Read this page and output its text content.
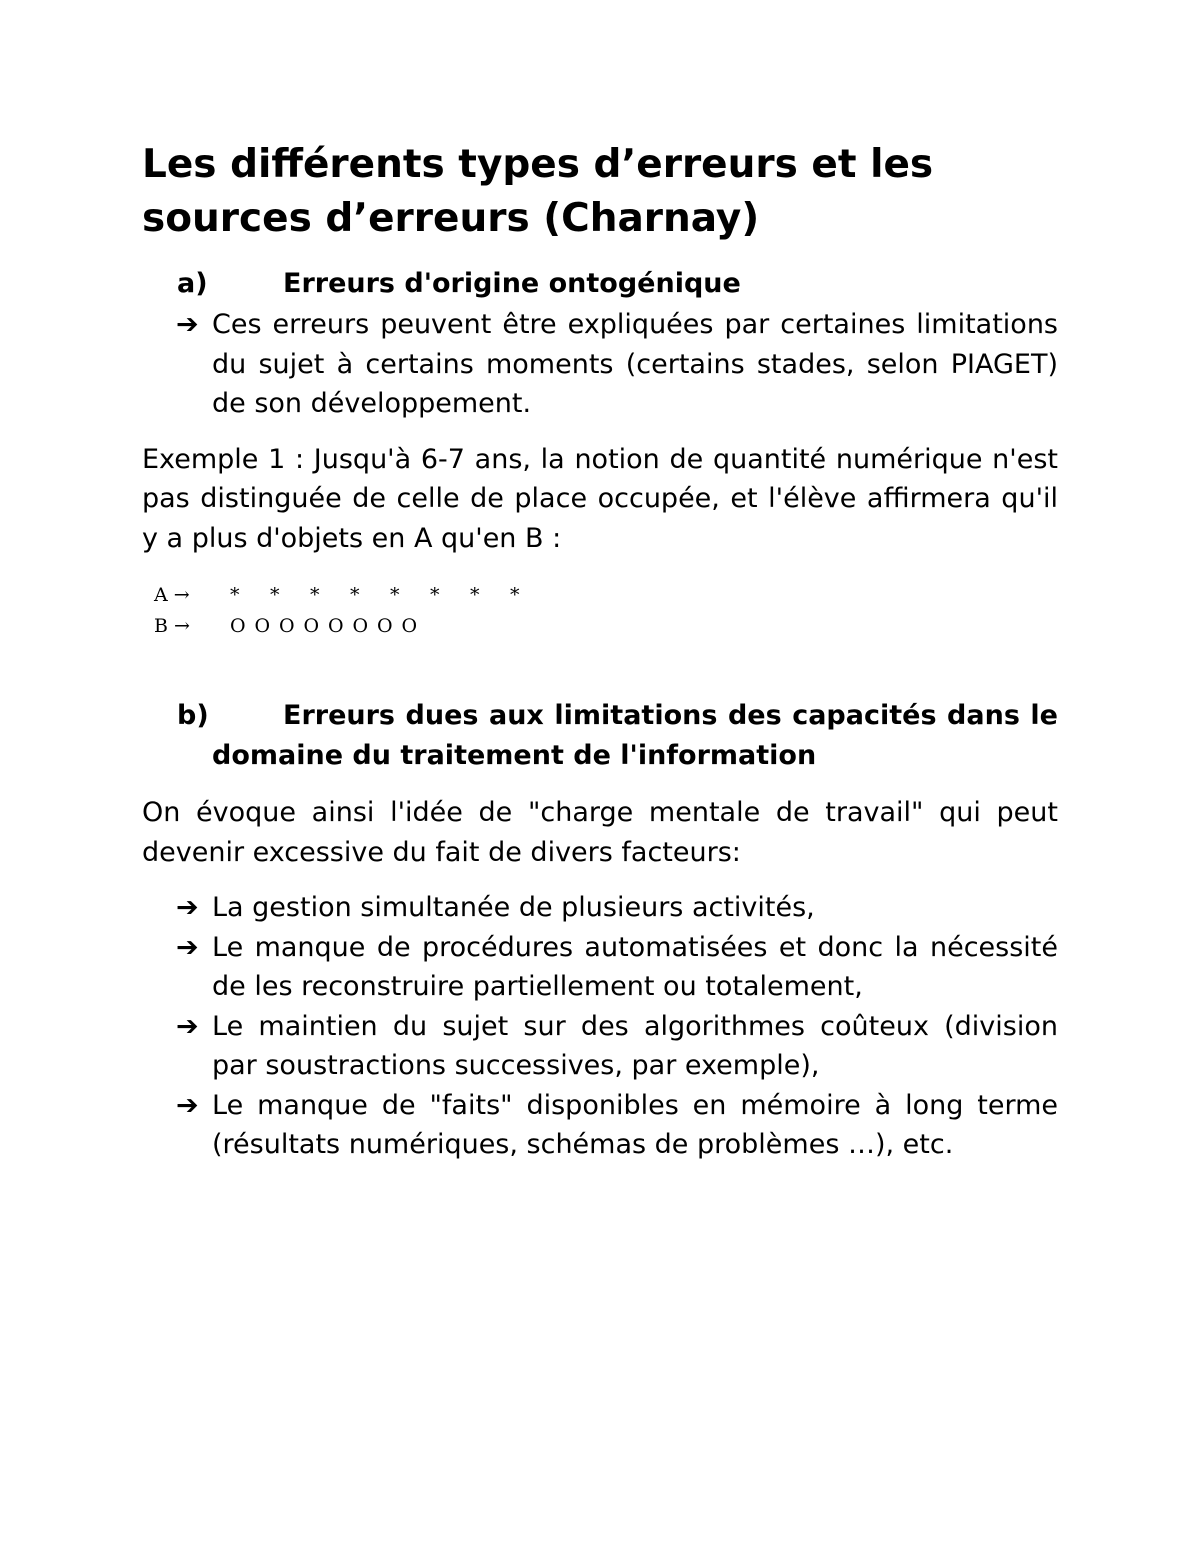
Les différents types d’erreurs et les sources d’erreurs (Charnay)
a)	Erreurs d'origine ontogénique
➔ Ces erreurs peuvent être expliquées par certaines limitations du sujet à certains moments (certains stades, selon PIAGET) de son développement.

Exemple 1 : Jusqu'à 6-7 ans, la notion de quantité numérique n'est pas distinguée de celle de place occupée, et l'élève affirmera qu'il y a plus d'objets en A qu'en B :

A →	* * * * * * * *
B →	O O O O O O O O
b)	Erreurs dues aux limitations des capacités dans le domaine du traitement de l'information

On évoque ainsi l'idée de "charge mentale de travail" qui peut devenir excessive du fait de divers facteurs:

➔ La gestion simultanée de plusieurs activités,
➔ Le manque de procédures automatisées et donc la nécessité de les reconstruire partiellement ou totalement,
➔ Le maintien du sujet sur des algorithmes coûteux (division par soustractions successives, par exemple),
➔ Le manque de "faits" disponibles en mémoire à long terme (résultats numériques, schémas de problèmes …), etc.
